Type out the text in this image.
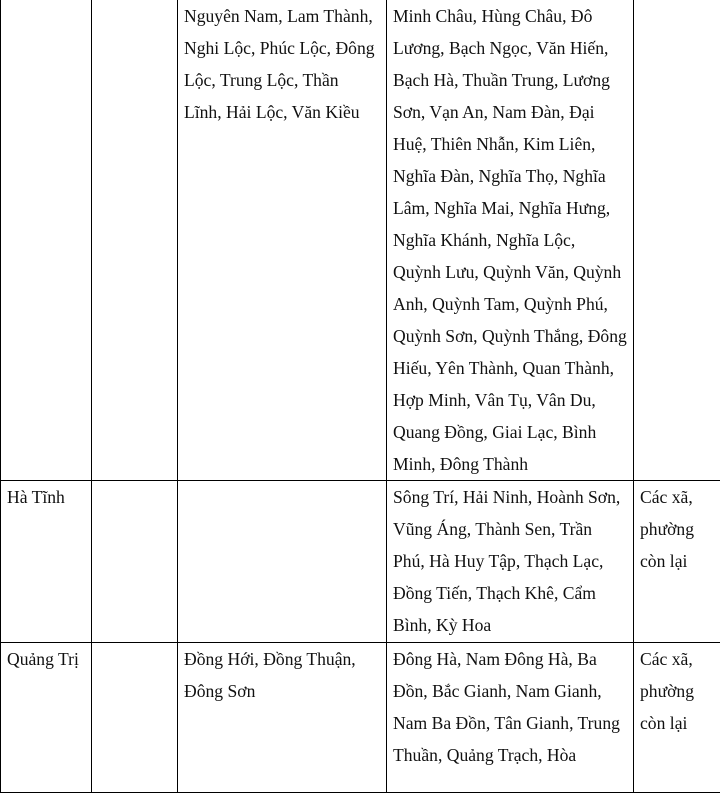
		Nguyên Nam, Lam Thành, Nghi Lộc, Phúc Lộc, Đông Lộc, Trung Lộc, Thần Lĩnh, Hải Lộc, Văn Kiều	Minh Châu, Hùng Châu, Đô Lương, Bạch Ngọc, Văn Hiến, Bạch Hà, Thuần Trung, Lương Sơn, Vạn An, Nam Đàn, Đại Huệ, Thiên Nhẫn, Kim Liên, Nghĩa Đàn, Nghĩa Thọ, Nghĩa Lâm, Nghĩa Mai, Nghĩa Hưng, Nghĩa Khánh, Nghĩa Lộc, Quỳnh Lưu, Quỳnh Văn, Quỳnh Anh, Quỳnh Tam, Quỳnh Phú, Quỳnh Sơn, Quỳnh Thắng, Đông Hiếu, Yên Thành, Quan Thành, Hợp Minh, Vân Tụ, Vân Du, Quang Đồng, Giai Lạc, Bình Minh, Đông Thành	
Hà Tĩnh			Sông Trí, Hải Ninh, Hoành Sơn, Vũng Áng, Thành Sen, Trần Phú, Hà Huy Tập, Thạch Lạc, Đồng Tiến, Thạch Khê, Cẩm Bình, Kỳ Hoa	Các xã, phường còn lại
Quảng Trị		Đồng Hới, Đồng Thuận, Đông Sơn	Đông Hà, Nam Đông Hà, Ba Đồn, Bắc Gianh, Nam Gianh, Nam Ba Đồn, Tân Gianh, Trung Thuần, Quảng Trạch, Hòa	Các xã, phường còn lại
